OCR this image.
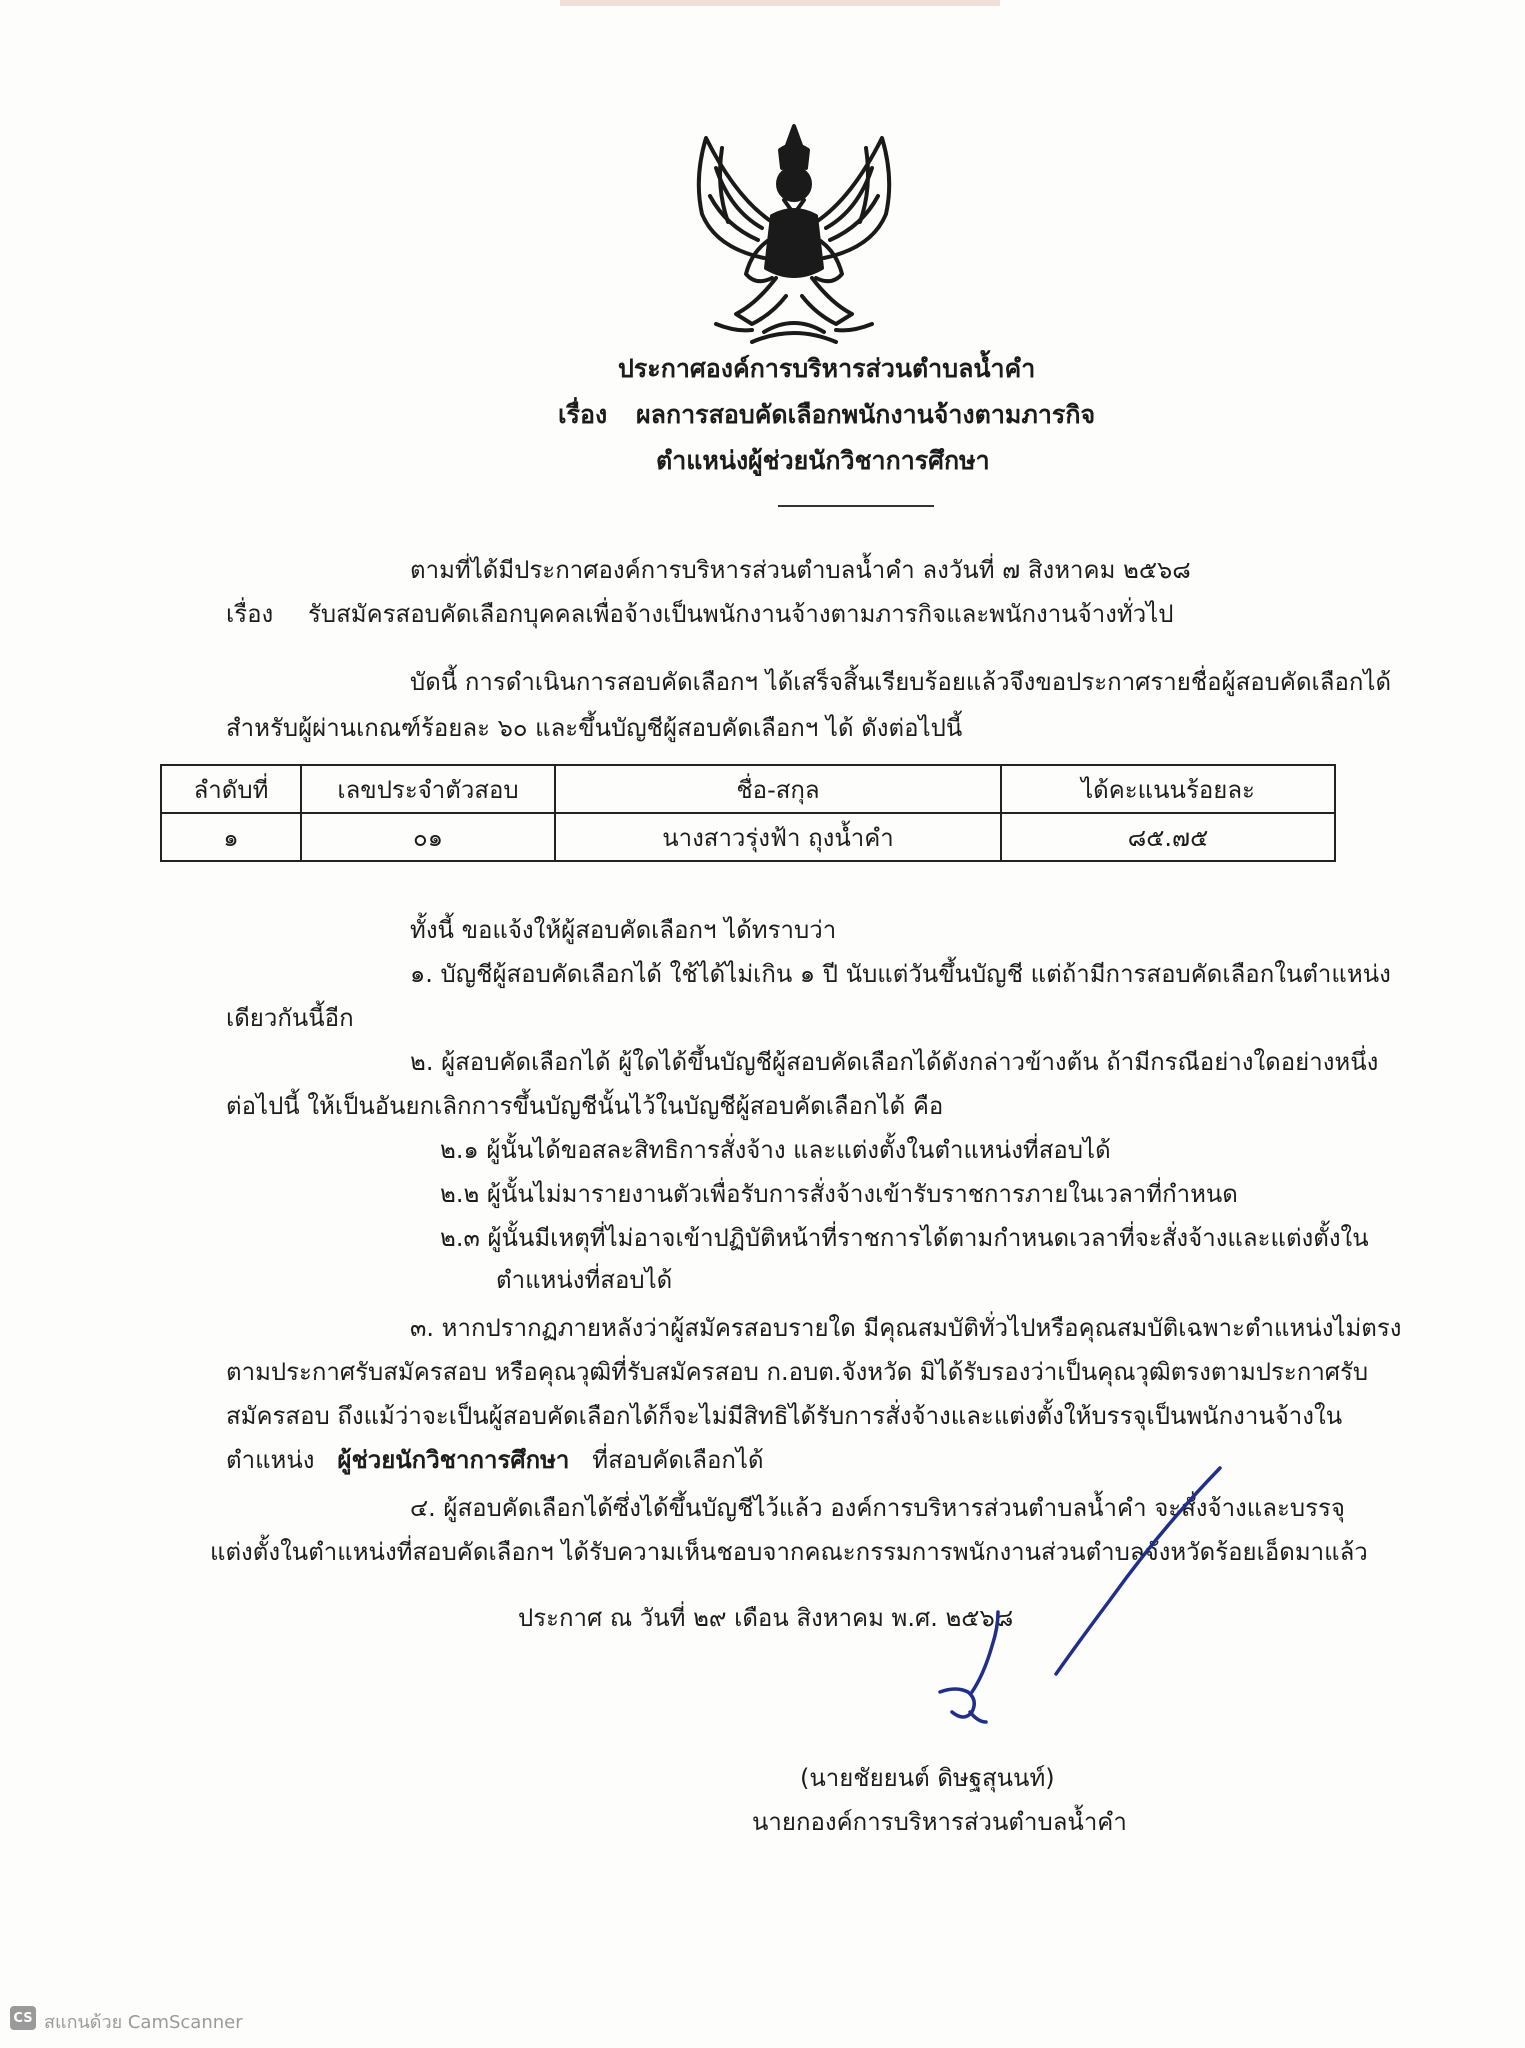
ประกาศองค์การบริหารส่วนตำบลน้ำคำ
เรื่อง ผลการสอบคัดเลือกพนักงานจ้างตามภารกิจ
ตำแหน่ง ผู้ช่วยนักวิชาการศึกษา
ตามที่ได้มีประกาศองค์การบริหารส่วนตำบลน้ำคำ ลงวันที่ ๗ สิงหาคม ๒๕๖๘
เรื่อง รับสมัครสอบคัดเลือกบุคคลเพื่อจ้างเป็นพนักงานจ้างตามภารกิจและพนักงานจ้างทั่วไป
บัดนี้ การดำเนินการสอบคัดเลือกฯ ได้เสร็จสิ้นเรียบร้อยแล้วจึงขอประกาศรายชื่อผู้สอบคัดเลือกได้
สำหรับผู้ผ่านเกณฑ์ร้อยละ ๖๐ และขึ้นบัญชีผู้สอบคัดเลือกฯ ได้ ดังต่อไปนี้
ลำดับที่	เลขประจำตัวสอบ	ชื่อ-สกุล	ได้คะแนนร้อยละ
๑	๐๑	นางสาวรุ่งฟ้า ถุงน้ำคำ	๘๕.๗๕
ทั้งนี้ ขอแจ้งให้ผู้สอบคัดเลือกฯ ได้ทราบว่า
๑. บัญชีผู้สอบคัดเลือกได้ ใช้ได้ไม่เกิน ๑ ปี นับแต่วันขึ้นบัญชี แต่ถ้ามีการสอบคัดเลือกในตำแหน่ง
เดียวกันนี้อีก
๒. ผู้สอบคัดเลือกได้ ผู้ใดได้ขึ้นบัญชีผู้สอบคัดเลือกได้ดังกล่าวข้างต้น ถ้ามีกรณีอย่างใดอย่างหนึ่ง
ต่อไปนี้ ให้เป็นอันยกเลิกการขึ้นบัญชีนั้นไว้ในบัญชีผู้สอบคัดเลือกได้ คือ
๒.๑ ผู้นั้นได้ขอสละสิทธิการสั่งจ้าง และแต่งตั้งในตำแหน่งที่สอบได้
๒.๒ ผู้นั้นไม่มารายงานตัวเพื่อรับการสั่งจ้างเข้ารับราชการภายในเวลาที่กำหนด
๒.๓ ผู้นั้นมีเหตุที่ไม่อาจเข้าปฏิบัติหน้าที่ราชการได้ตามกำหนดเวลาที่จะสั่งจ้างและแต่งตั้งใน
ตำแหน่งที่สอบได้
๓. หากปรากฏภายหลังว่าผู้สมัครสอบรายใด มีคุณสมบัติทั่วไปหรือคุณสมบัติเฉพาะตำแหน่งไม่ตรง
ตามประกาศรับสมัครสอบ หรือคุณวุฒิที่รับสมัครสอบ ก.อบต.จังหวัด มิได้รับรองว่าเป็นคุณวุฒิตรงตามประกาศรับ
สมัครสอบ ถึงแม้ว่าจะเป็นผู้สอบคัดเลือกได้ก็จะไม่มีสิทธิได้รับการสั่งจ้างและแต่งตั้งให้บรรจุเป็นพนักงานจ้างใน
ตำแหน่ง ผู้ช่วยนักวิชาการศึกษา ที่สอบคัดเลือกได้
๔. ผู้สอบคัดเลือกได้ซึ่งได้ขึ้นบัญชีไว้แล้ว องค์การบริหารส่วนตำบลน้ำคำ จะสั่งจ้างและบรรจุ
แต่งตั้งในตำแหน่งที่สอบคัดเลือกฯ ได้รับความเห็นชอบจากคณะกรรมการพนักงานส่วนตำบลจังหวัดร้อยเอ็ดมาแล้ว
ประกาศ ณ วันที่ ๒๙ เดือน สิงหาคม พ.ศ. ๒๕๖๘
(นายชัยยนต์ ดิษฐสุนนท์)
นายกองค์การบริหารส่วนตำบลน้ำคำ
CS สแกนด้วย CamScanner
